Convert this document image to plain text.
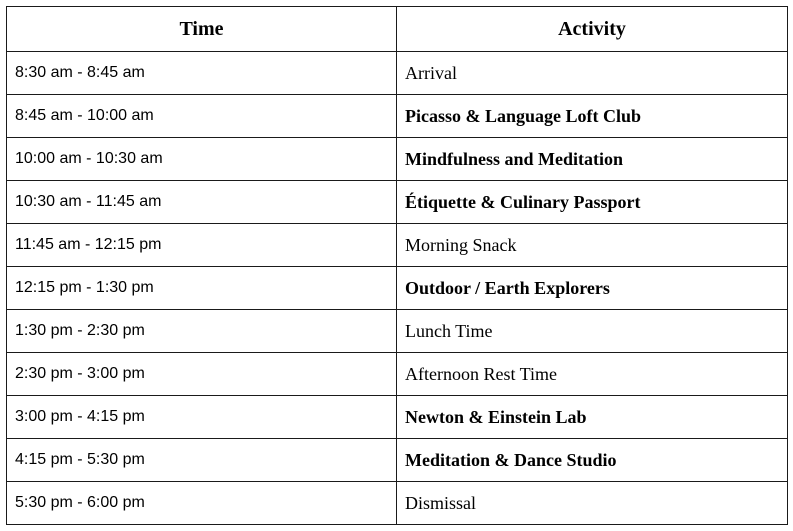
Time	Activity
8:30 am - 8:45 am	Arrival
8:45 am - 10:00 am	Picasso & Language Loft Club
10:00 am - 10:30 am	Mindfulness and Meditation
10:30 am - 11:45 am	Étiquette & Culinary Passport
11:45 am - 12:15 pm	Morning Snack
12:15 pm - 1:30 pm	Outdoor / Earth Explorers
1:30 pm - 2:30 pm	Lunch Time
2:30 pm - 3:00 pm	Afternoon Rest Time
3:00 pm - 4:15 pm	Newton & Einstein Lab
4:15 pm - 5:30 pm	Meditation & Dance Studio
5:30 pm - 6:00 pm	Dismissal
